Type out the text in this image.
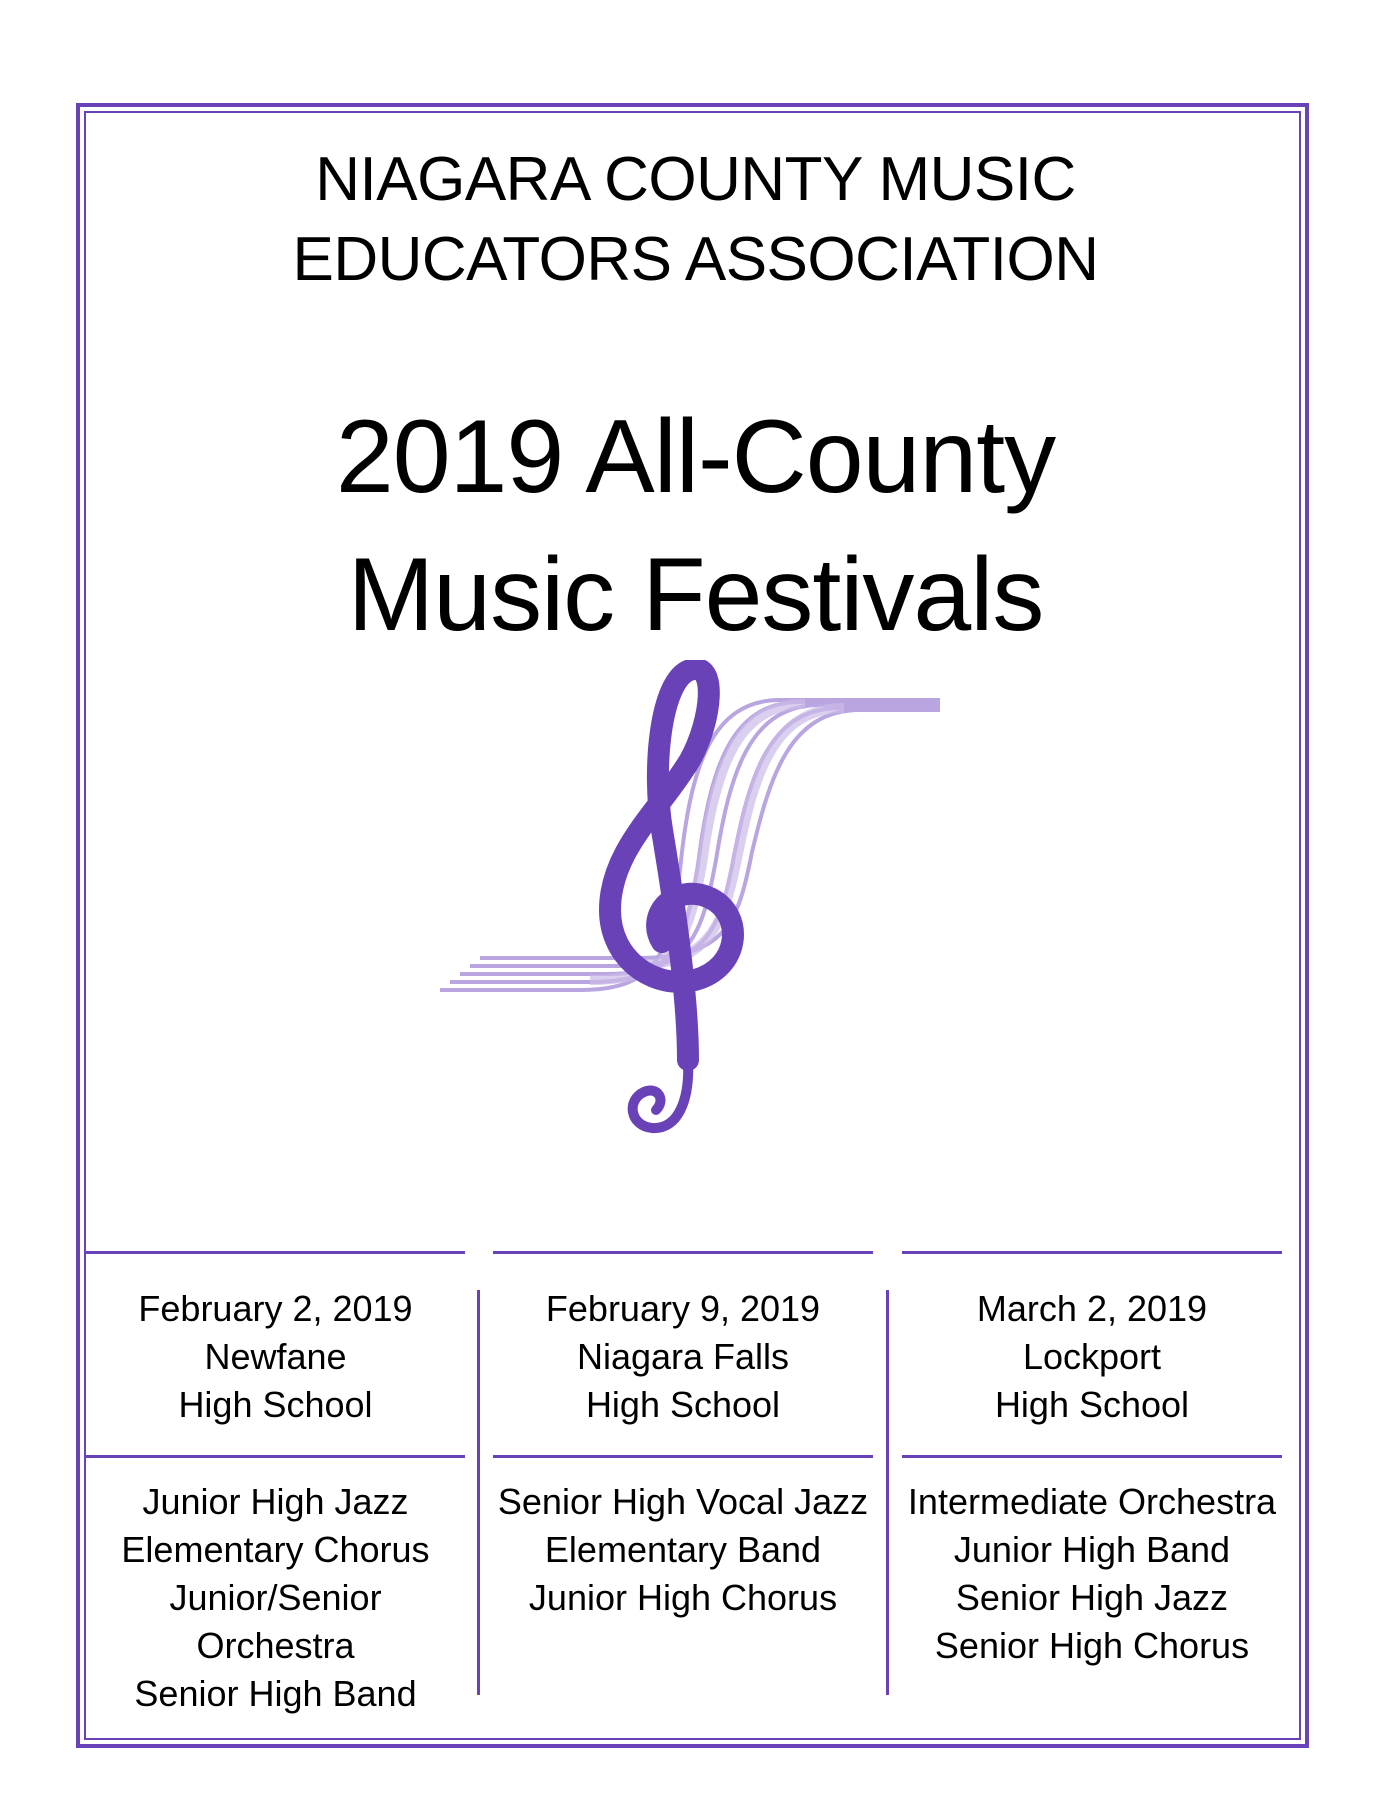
NIAGARA COUNTY MUSIC
EDUCATORS ASSOCIATION
2019 All-County
Music Festivals
February 2, 2019
Newfane
High School
Junior High Jazz
Elementary Chorus
Junior/Senior
Orchestra
Senior High Band
February 9, 2019
Niagara Falls
High School
Senior High Vocal Jazz
Elementary Band
Junior High Chorus
March 2, 2019
Lockport
High School
Intermediate Orchestra
Junior High Band
Senior High Jazz
Senior High Chorus
